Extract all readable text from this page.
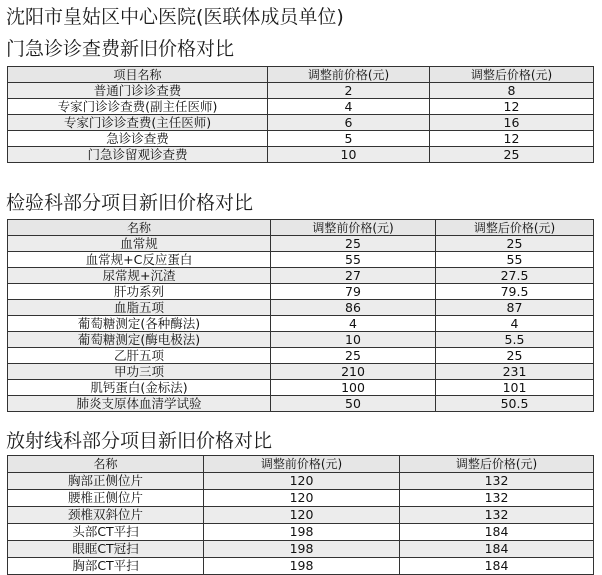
沈阳市皇姑区中心医院(医联体成员单位)
门急诊诊查费新旧价格对比
项目名称	调整前价格(元)	调整后价格(元)
普通门诊诊查费	2	8
专家门诊诊查费(副主任医师)	4	12
专家门诊诊查费(主任医师)	6	16
急诊诊查费	5	12
门急诊留观诊查费	10	25
检验科部分项目新旧价格对比
名称	调整前价格(元)	调整后价格(元)
血常规	25	25
血常规+C反应蛋白	55	55
尿常规+沉渣	27	27.5
肝功系列	79	79.5
血脂五项	86	87
葡萄糖测定(各种酶法)	4	4
葡萄糖测定(酶电极法)	10	5.5
乙肝五项	25	25
甲功三项	210	231
肌钙蛋白(金标法)	100	101
肺炎支原体血清学试验	50	50.5
放射线科部分项目新旧价格对比
名称	调整前价格(元)	调整后价格(元)
胸部正侧位片	120	132
腰椎正侧位片	120	132
颈椎双斜位片	120	132
头部CT平扫	198	184
眼眶CT冠扫	198	184
胸部CT平扫	198	184
